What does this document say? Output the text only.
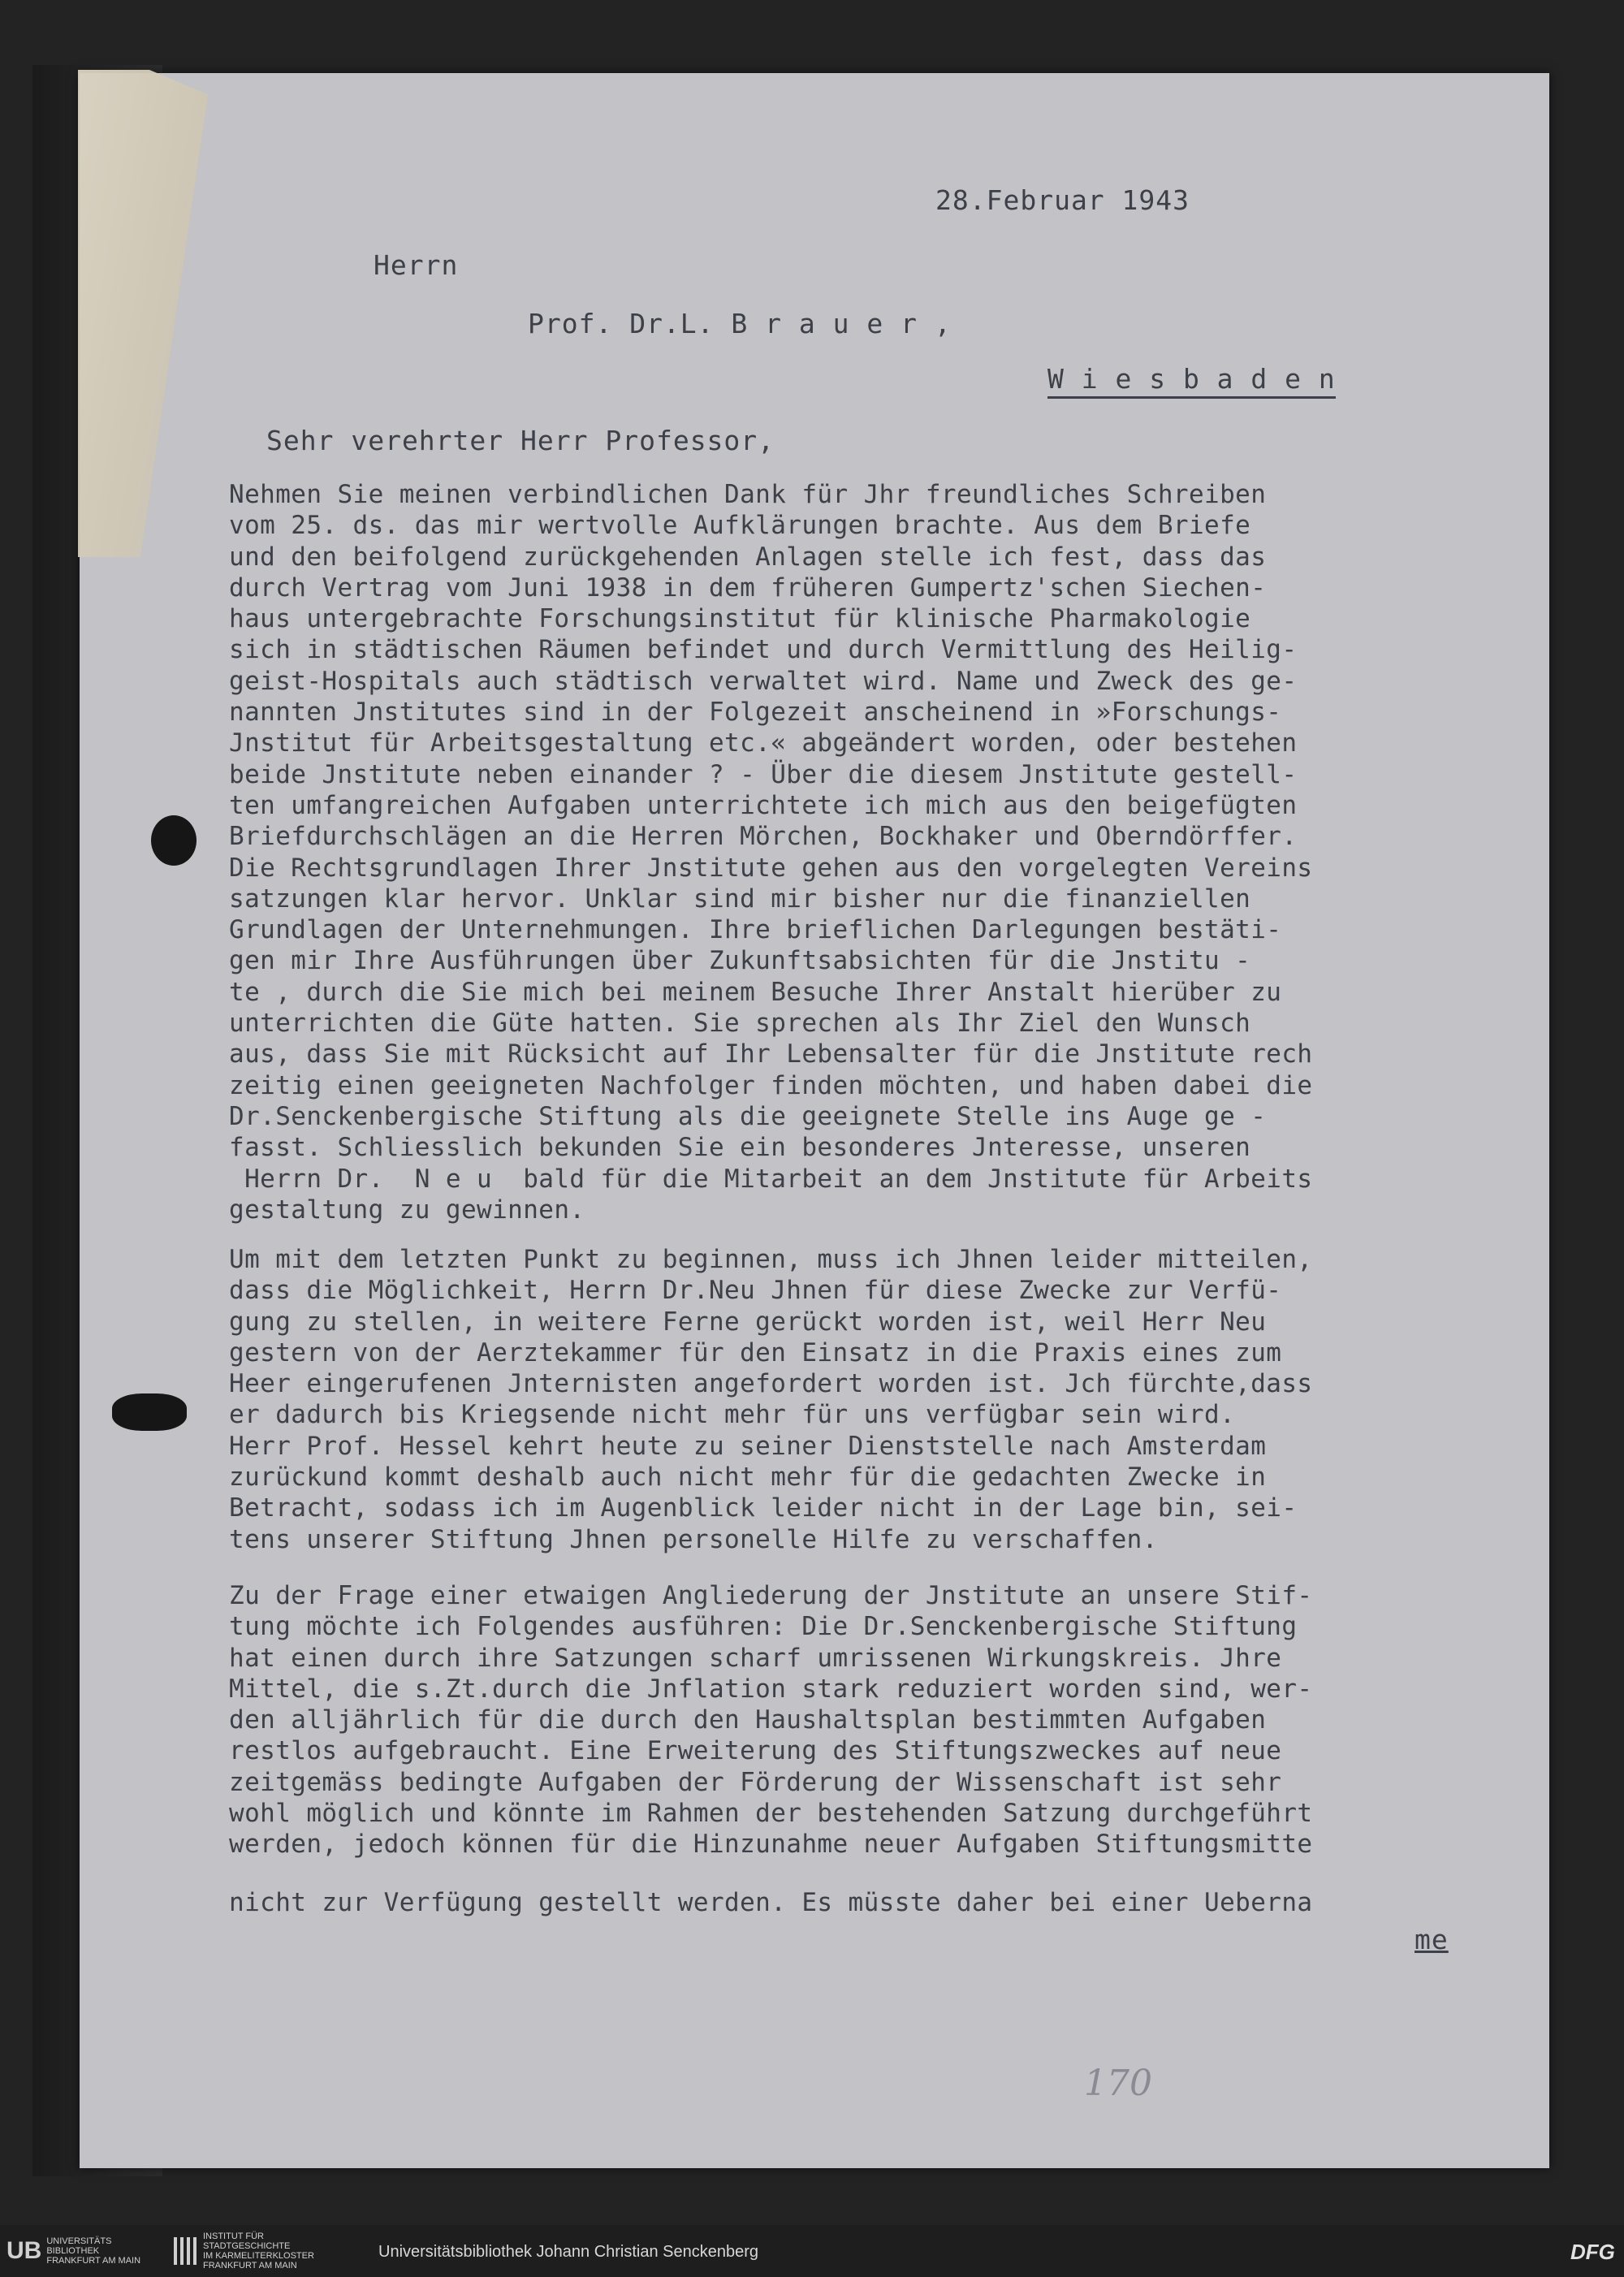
28.Februar 1943
Herrn
Prof. Dr.L. B r a u e r ,
W i e s b a d e n
Sehr verehrter Herr Professor,
Nehmen Sie meinen verbindlichen Dank für Jhr freundliches Schreiben
vom 25. ds. das mir wertvolle Aufklärungen brachte. Aus dem Briefe
und den beifolgend zurückgehenden Anlagen stelle ich fest, dass das
durch Vertrag vom Juni 1938 in dem früheren Gumpertz'schen Siechen-
haus untergebrachte Forschungsinstitut für klinische Pharmakologie
sich in städtischen Räumen befindet und durch Vermittlung des Heilig-
geist-Hospitals auch städtisch verwaltet wird. Name und Zweck des ge-
nannten Jnstitutes sind in der Folgezeit anscheinend in »Forschungs-
Jnstitut für Arbeitsgestaltung etc.« abgeändert worden, oder bestehen
beide Jnstitute neben einander ? - Über die diesem Jnstitute gestell-
ten umfangreichen Aufgaben unterrichtete ich mich aus den beigefügten
Briefdurchschlägen an die Herren Mörchen, Bockhaker und Oberndörffer.
Die Rechtsgrundlagen Ihrer Jnstitute gehen aus den vorgelegten Vereins
satzungen klar hervor. Unklar sind mir bisher nur die finanziellen
Grundlagen der Unternehmungen. Ihre brieflichen Darlegungen bestäti-
gen mir Ihre Ausführungen über Zukunftsabsichten für die Jnstitu -
te , durch die Sie mich bei meinem Besuche Ihrer Anstalt hierüber zu
unterrichten die Güte hatten. Sie sprechen als Ihr Ziel den Wunsch
aus, dass Sie mit Rücksicht auf Ihr Lebensalter für die Jnstitute rech
zeitig einen geeigneten Nachfolger finden möchten, und haben dabei die
Dr.Senckenbergische Stiftung als die geeignete Stelle ins Auge ge -
fasst. Schliesslich bekunden Sie ein besonderes Jnteresse, unseren
Herrn Dr.  N e u  bald für die Mitarbeit an dem Jnstitute für Arbeits
gestaltung zu gewinnen.
Um mit dem letzten Punkt zu beginnen, muss ich Jhnen leider mitteilen,
dass die Möglichkeit, Herrn Dr.Neu Jhnen für diese Zwecke zur Verfü-
gung zu stellen, in weitere Ferne gerückt worden ist, weil Herr Neu
gestern von der Aerztekammer für den Einsatz in die Praxis eines zum
Heer eingerufenen Jnternisten angefordert worden ist. Jch fürchte,dass
er dadurch bis Kriegsende nicht mehr für uns verfügbar sein wird.
Herr Prof. Hessel kehrt heute zu seiner Dienststelle nach Amsterdam
zurückund kommt deshalb auch nicht mehr für die gedachten Zwecke in
Betracht, sodass ich im Augenblick leider nicht in der Lage bin, sei-
tens unserer Stiftung Jhnen personelle Hilfe zu verschaffen.
Zu der Frage einer etwaigen Angliederung der Jnstitute an unsere Stif-
tung möchte ich Folgendes ausführen: Die Dr.Senckenbergische Stiftung
hat einen durch ihre Satzungen scharf umrissenen Wirkungskreis. Jhre
Mittel, die s.Zt.durch die Jnflation stark reduziert worden sind, wer-
den alljährlich für die durch den Haushaltsplan bestimmten Aufgaben
restlos aufgebraucht. Eine Erweiterung des Stiftungszweckes auf neue
zeitgemäss bedingte Aufgaben der Förderung der Wissenschaft ist sehr
wohl möglich und könnte im Rahmen der bestehenden Satzung durchgeführt
werden, jedoch können für die Hinzunahme neuer Aufgaben Stiftungsmitte
nicht zur Verfügung gestellt werden. Es müsste daher bei einer Ueberna
me
170
UB UNIVERSITÄTS
BIBLIOTHEK
FRANKFURT AM MAIN
INSTITUT FÜR
STADTGESCHICHTE
IM KARMELITERKLOSTER
FRANKFURT AM MAIN
Universitätsbibliothek Johann Christian Senckenberg	DFG
